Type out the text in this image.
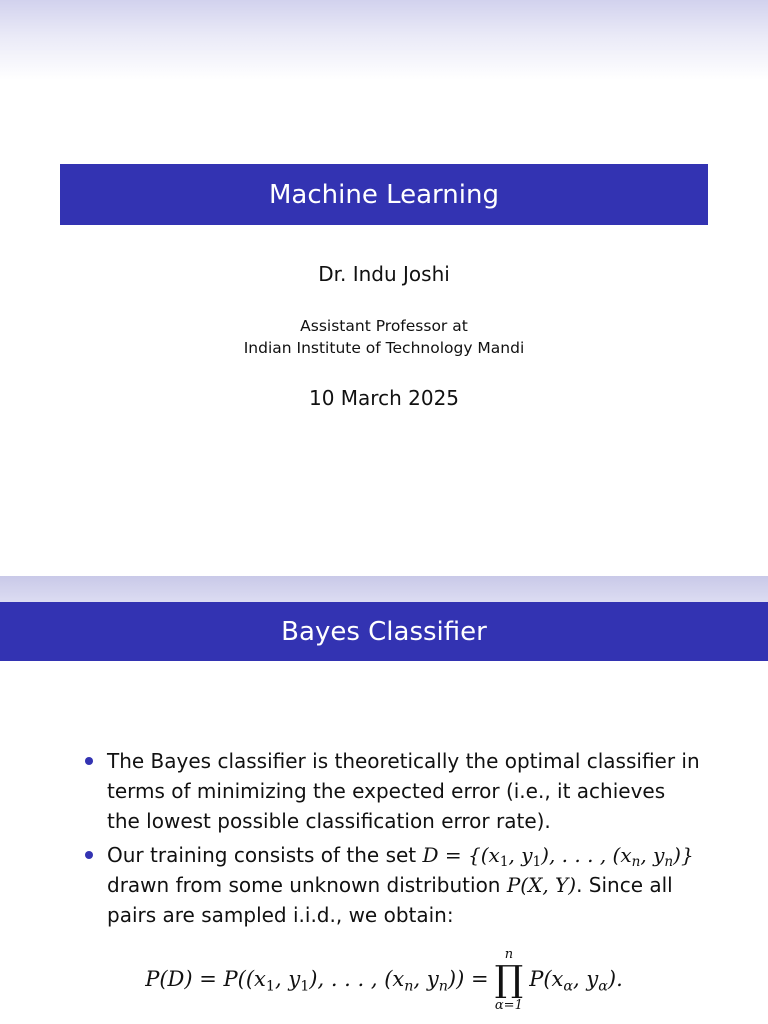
Machine Learning
Dr. Indu Joshi
Assistant Professor at
Indian Institute of Technology Mandi
10 March 2025
Bayes Classifier
The Bayes classifier is theoretically the optimal classifier in terms of minimizing the expected error (i.e., it achieves the lowest possible classification error rate).
Our training consists of the set $D = \{(x_1$, $y_1$), . . . , ($x_n$, $y_n$)} drawn from some unknown distribution P(X, Y). Since all pairs are sampled i.i.d., we obtain:
$P(D) = P((x_1$, $y_1$), . . . , ($x_n$, $y_n$)) =
n
∏
α=1
$P(x_\alpha$, $y_\alpha$).
